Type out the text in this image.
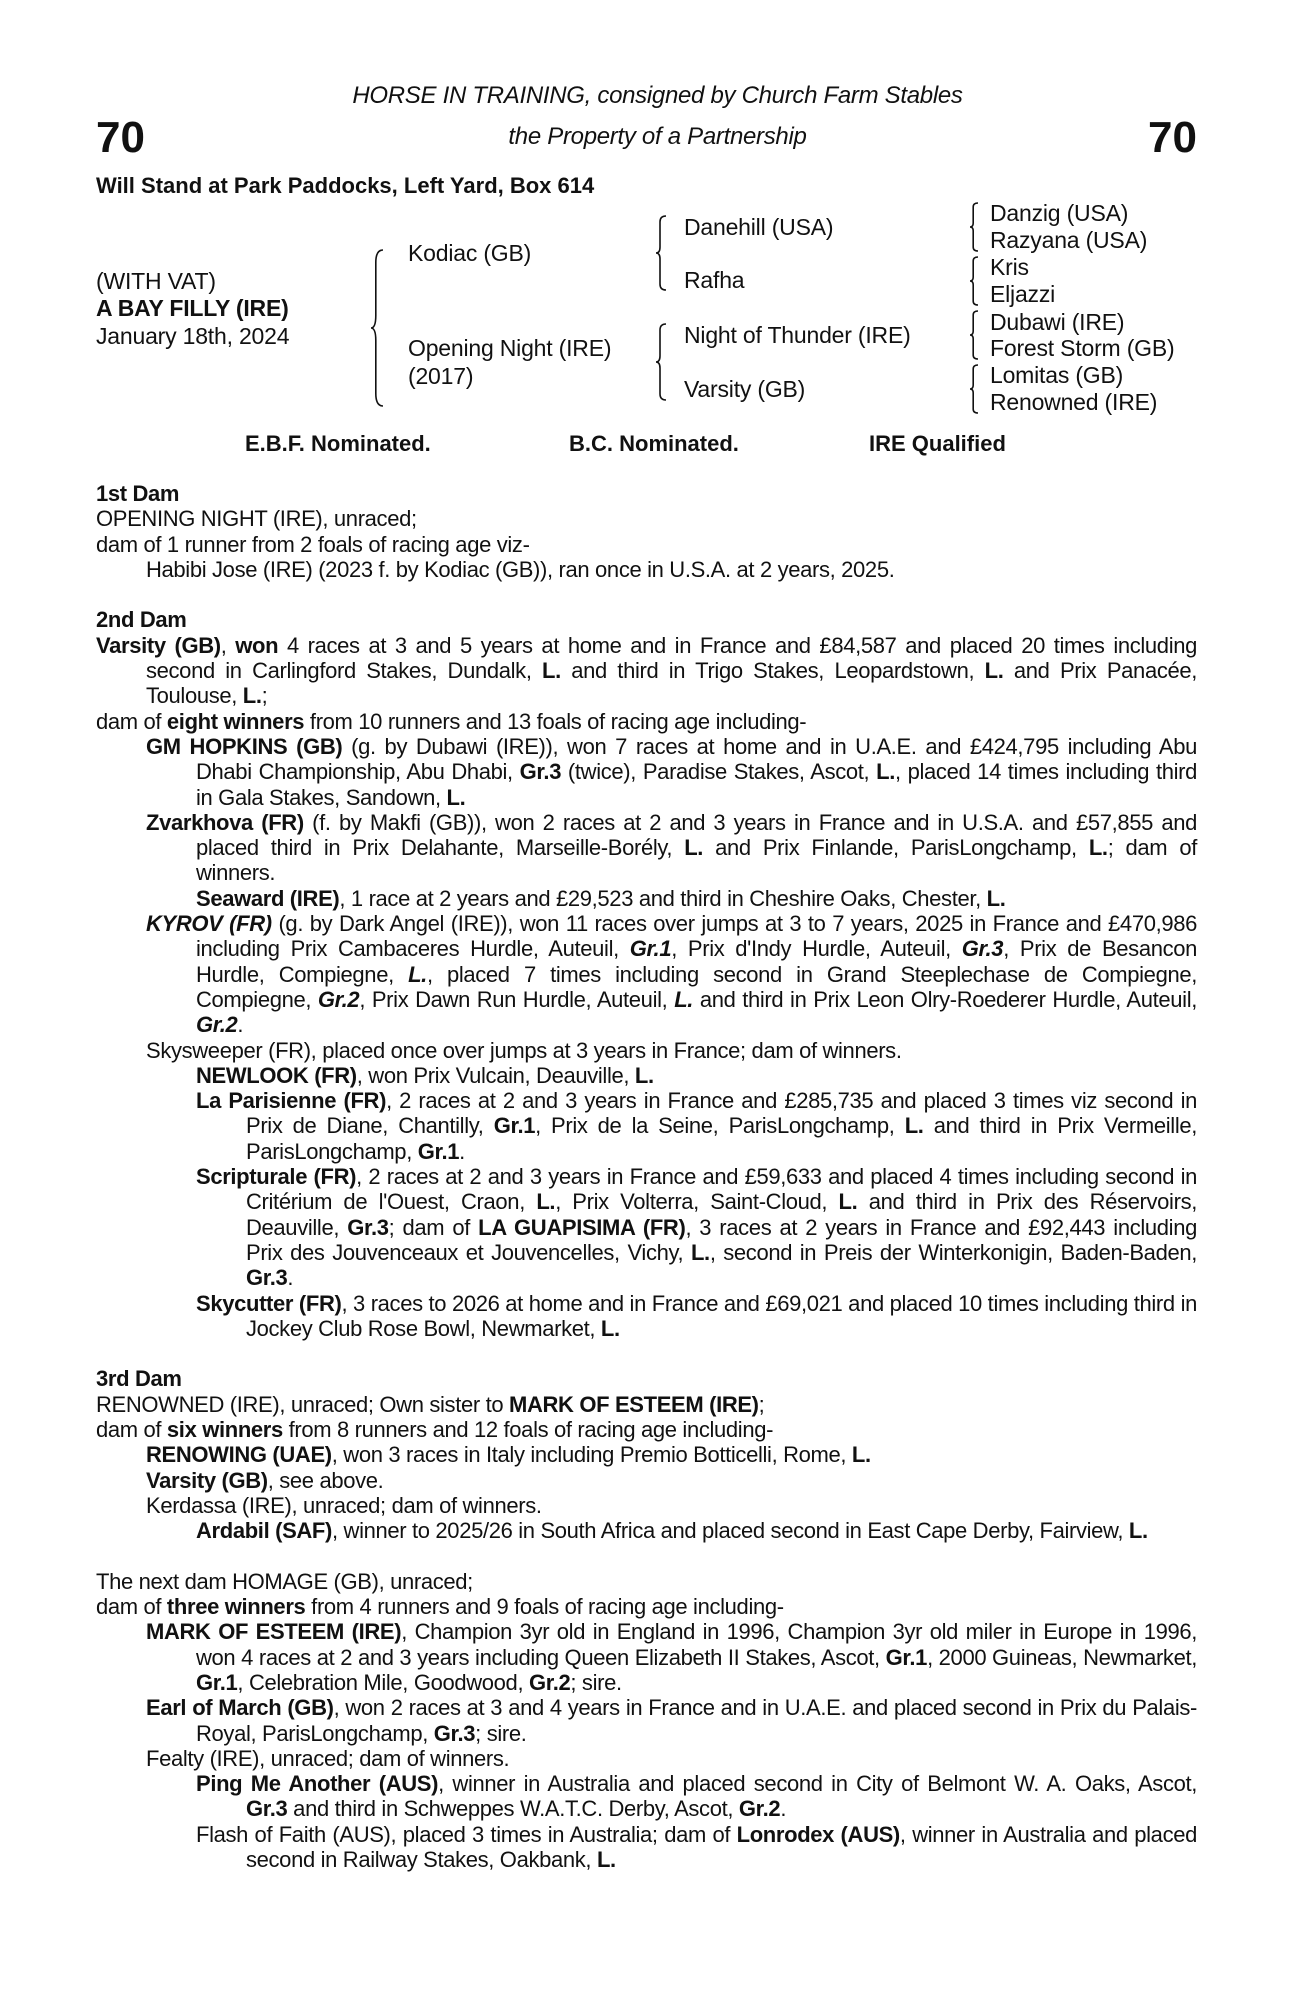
HORSE IN TRAINING, consigned by Church Farm Stables
the Property of a Partnership
70	70
Will Stand at Park Paddocks, Left Yard, Box 614
(WITH VAT)
A BAY FILLY (IRE)
January 18th, 2024
Kodiac (GB)
Opening Night (IRE)
(2017)
Danehill (USA)
Rafha
Night of Thunder (IRE)
Varsity (GB)
Danzig (USA)
Razyana (USA)
Kris
Eljazzi
Dubawi (IRE)
Forest Storm (GB)
Lomitas (GB)
Renowned (IRE)
E.B.F. Nominated.	B.C. Nominated.	IRE Qualified
1st Dam
OPENING NIGHT (IRE), unraced;
dam of 1 runner from 2 foals of racing age viz-
Habibi Jose (IRE) (2023 f. by Kodiac (GB)), ran once in U.S.A. at 2 years, 2025.
2nd Dam
Varsity (GB), won 4 races at 3 and 5 years at home and in France and £84,587 and placed 20 times including second in Carlingford Stakes, Dundalk, L. and third in Trigo Stakes, Leopardstown, L. and Prix Panacée, Toulouse, L.;
dam of eight winners from 10 runners and 13 foals of racing age including-
GM HOPKINS (GB) (g. by Dubawi (IRE)), won 7 races at home and in U.A.E. and £424,795 including Abu Dhabi Championship, Abu Dhabi, Gr.3 (twice), Paradise Stakes, Ascot, L., placed 14 times including third in Gala Stakes, Sandown, L.
Zvarkhova (FR) (f. by Makfi (GB)), won 2 races at 2 and 3 years in France and in U.S.A. and £57,855 and placed third in Prix Delahante, Marseille-Borély, L. and Prix Finlande, ParisLongchamp, L.; dam of winners.
Seaward (IRE), 1 race at 2 years and £29,523 and third in Cheshire Oaks, Chester, L.
KYROV (FR) (g. by Dark Angel (IRE)), won 11 races over jumps at 3 to 7 years, 2025 in France and £470,986 including Prix Cambaceres Hurdle, Auteuil, Gr.1, Prix d'Indy Hurdle, Auteuil, Gr.3, Prix de Besancon Hurdle, Compiegne, L., placed 7 times including second in Grand Steeplechase de Compiegne, Compiegne, Gr.2, Prix Dawn Run Hurdle, Auteuil, L. and third in Prix Leon Olry-Roederer Hurdle, Auteuil, Gr.2.
Skysweeper (FR), placed once over jumps at 3 years in France; dam of winners.
NEWLOOK (FR), won Prix Vulcain, Deauville, L.
La Parisienne (FR), 2 races at 2 and 3 years in France and £285,735 and placed 3 times viz second in Prix de Diane, Chantilly, Gr.1, Prix de la Seine, ParisLongchamp, L. and third in Prix Vermeille, ParisLongchamp, Gr.1.
Scripturale (FR), 2 races at 2 and 3 years in France and £59,633 and placed 4 times including second in Critérium de l'Ouest, Craon, L., Prix Volterra, Saint-Cloud, L. and third in Prix des Réservoirs, Deauville, Gr.3; dam of LA GUAPISIMA (FR), 3 races at 2 years in France and £92,443 including Prix des Jouvenceaux et Jouvencelles, Vichy, L., second in Preis der Winterkonigin, Baden-Baden, Gr.3.
Skycutter (FR), 3 races to 2026 at home and in France and £69,021 and placed 10 times including third in Jockey Club Rose Bowl, Newmarket, L.
3rd Dam
RENOWNED (IRE), unraced; Own sister to MARK OF ESTEEM (IRE);
dam of six winners from 8 runners and 12 foals of racing age including-
RENOWING (UAE), won 3 races in Italy including Premio Botticelli, Rome, L.
Varsity (GB), see above.
Kerdassa (IRE), unraced; dam of winners.
Ardabil (SAF), winner to 2025/26 in South Africa and placed second in East Cape Derby, Fairview, L.
The next dam HOMAGE (GB), unraced;
dam of three winners from 4 runners and 9 foals of racing age including-
MARK OF ESTEEM (IRE), Champion 3yr old in England in 1996, Champion 3yr old miler in Europe in 1996, won 4 races at 2 and 3 years including Queen Elizabeth II Stakes, Ascot, Gr.1, 2000 Guineas, Newmarket, Gr.1, Celebration Mile, Goodwood, Gr.2; sire.
Earl of March (GB), won 2 races at 3 and 4 years in France and in U.A.E. and placed second in Prix du Palais-Royal, ParisLongchamp, Gr.3; sire.
Fealty (IRE), unraced; dam of winners.
Ping Me Another (AUS), winner in Australia and placed second in City of Belmont W. A. Oaks, Ascot, Gr.3 and third in Schweppes W.A.T.C. Derby, Ascot, Gr.2.
Flash of Faith (AUS), placed 3 times in Australia; dam of Lonrodex (AUS), winner in Australia and placed second in Railway Stakes, Oakbank, L.
